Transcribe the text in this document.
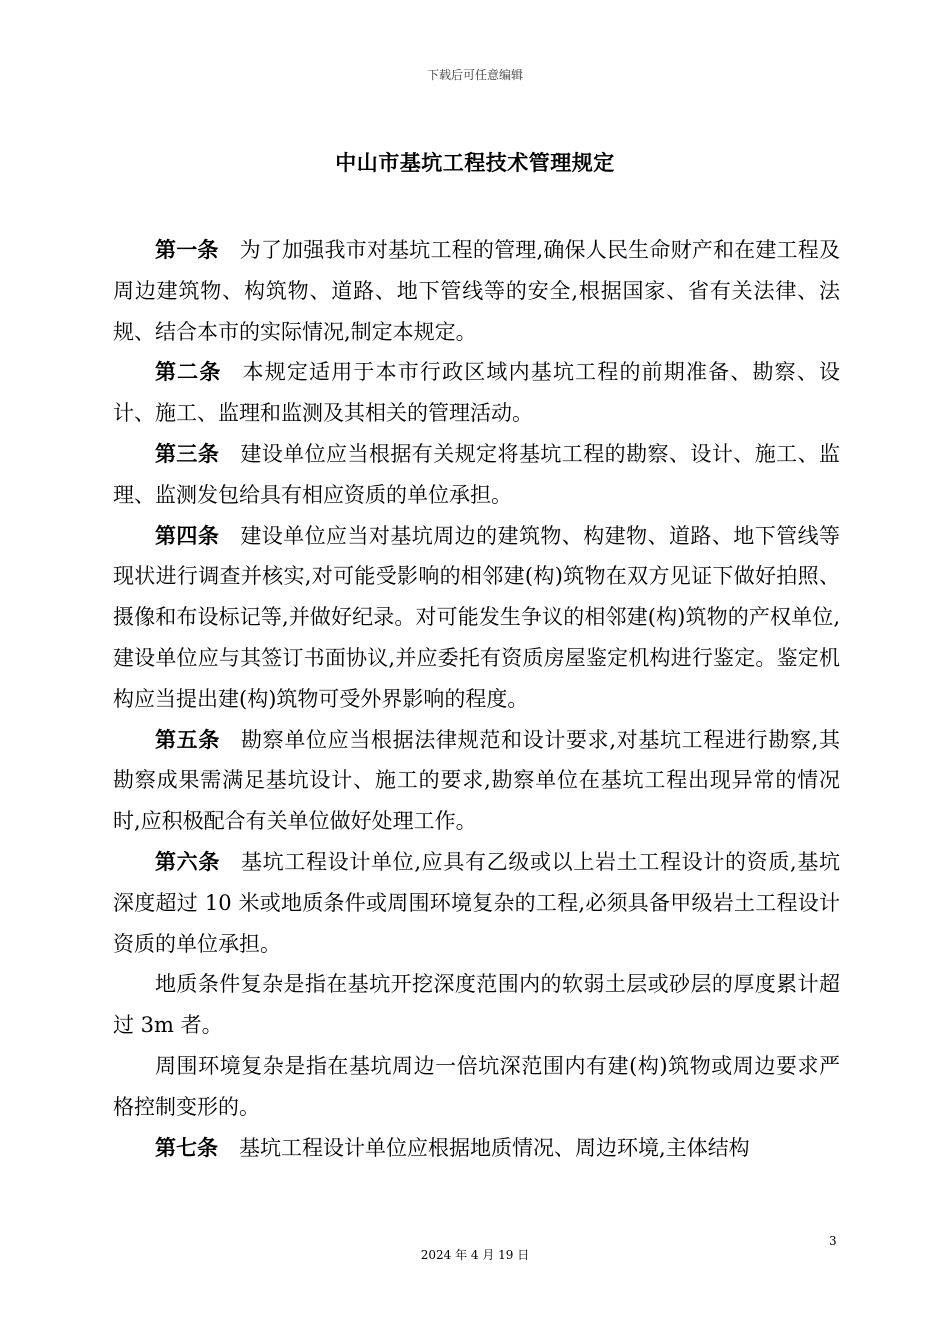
下载后可任意编辑
中山市基坑工程技术管理规定

第一条 为了加强我市对基坑工程的管理,确保人民生命财产和在建工程及周边建筑物、构筑物、道路、地下管线等的安全,根据国家、省有关法律、法规、结合本市的实际情况,制定本规定。

第二条 本规定适用于本市行政区域内基坑工程的前期准备、勘察、设计、施工、监理和监测及其相关的管理活动。

第三条 建设单位应当根据有关规定将基坑工程的勘察、设计、施工、监理、监测发包给具有相应资质的单位承担。

第四条 建设单位应当对基坑周边的建筑物、构建物、道路、地下管线等现状进行调查并核实,对可能受影响的相邻建(构)筑物在双方见证下做好拍照、摄像和布设标记等,并做好纪录。对可能发生争议的相邻建(构)筑物的产权单位,建设单位应与其签订书面协议,并应委托有资质房屋鉴定机构进行鉴定。鉴定机构应当提出建(构)筑物可受外界影响的程度。

第五条 勘察单位应当根据法律规范和设计要求,对基坑工程进行勘察,其勘察成果需满足基坑设计、施工的要求,勘察单位在基坑工程出现异常的情况时,应积极配合有关单位做好处理工作。

第六条 基坑工程设计单位,应具有乙级或以上岩土工程设计的资质,基坑深度超过 10 米或地质条件或周围环境复杂的工程,必须具备甲级岩土工程设计资质的单位承担。

地质条件复杂是指在基坑开挖深度范围内的软弱土层或砂层的厚度累计超过 3m 者。

周围环境复杂是指在基坑周边一倍坑深范围内有建(构)筑物或周边要求严格控制变形的。

第七条 基坑工程设计单位应根据地质情况、周边环境,主体结构

3
2024 年 4 月 19 日
